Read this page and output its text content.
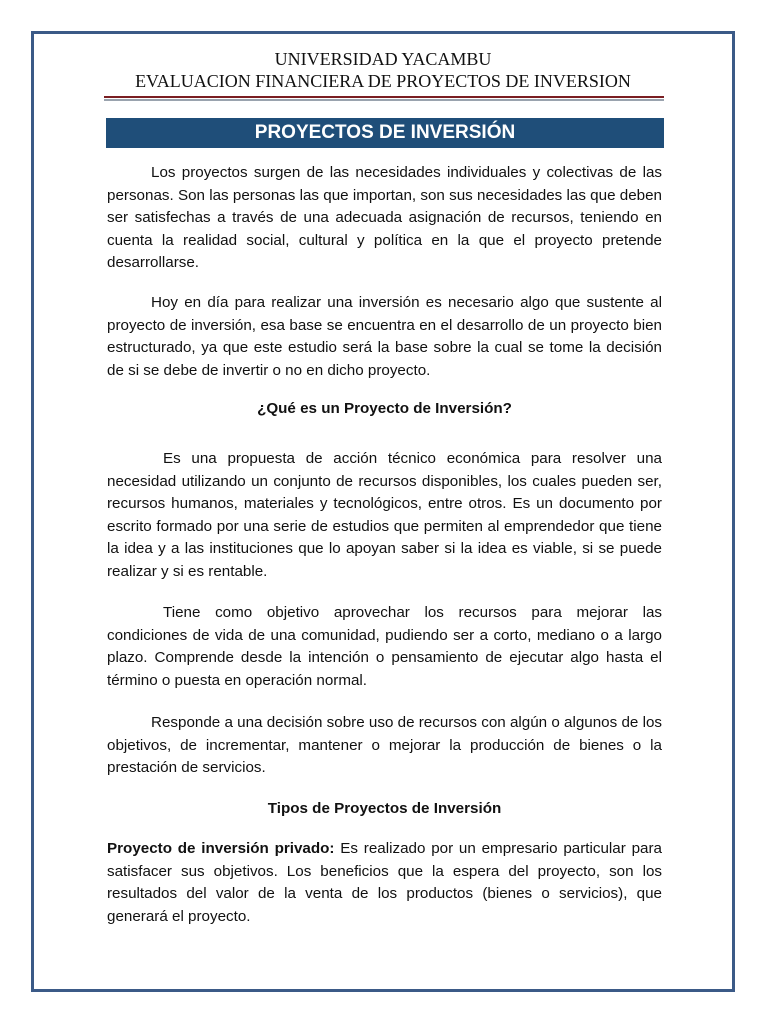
UNIVERSIDAD YACAMBU
EVALUACION FINANCIERA DE PROYECTOS DE INVERSION
PROYECTOS DE INVERSIÓN

Los proyectos surgen de las necesidades individuales y colectivas de las personas. Son las personas las que importan, son sus necesidades las que deben ser satisfechas a través de una adecuada asignación de recursos, teniendo en cuenta la realidad social, cultural y política en la que el proyecto pretende desarrollarse.

Hoy en día para realizar una inversión es necesario algo que sustente al proyecto de inversión, esa base se encuentra en el desarrollo de un proyecto bien estructurado, ya que este estudio será la base sobre la cual se tome la decisión de si se debe de invertir o no en dicho proyecto.

¿Qué es un Proyecto de Inversión?

Es una propuesta de acción técnico económica para resolver una necesidad utilizando un conjunto de recursos disponibles, los cuales pueden ser, recursos humanos, materiales y tecnológicos, entre otros. Es un documento por escrito formado por una serie de estudios que permiten al emprendedor que tiene la idea y a las instituciones que lo apoyan saber si la idea es viable, si se puede realizar y si es rentable.

Tiene como objetivo aprovechar los recursos para mejorar las condiciones de vida de una comunidad, pudiendo ser a corto, mediano o a largo plazo. Comprende desde la intención o pensamiento de ejecutar algo hasta el término o puesta en operación normal.

Responde a una decisión sobre uso de recursos con algún o algunos de los objetivos, de incrementar, mantener o mejorar la producción de bienes o la prestación de servicios.

Tipos de Proyectos de Inversión

Proyecto de inversión privado: Es realizado por un empresario particular para satisfacer sus objetivos. Los beneficios que la espera del proyecto, son los resultados del valor de la venta de los productos (bienes o servicios), que generará el proyecto.
